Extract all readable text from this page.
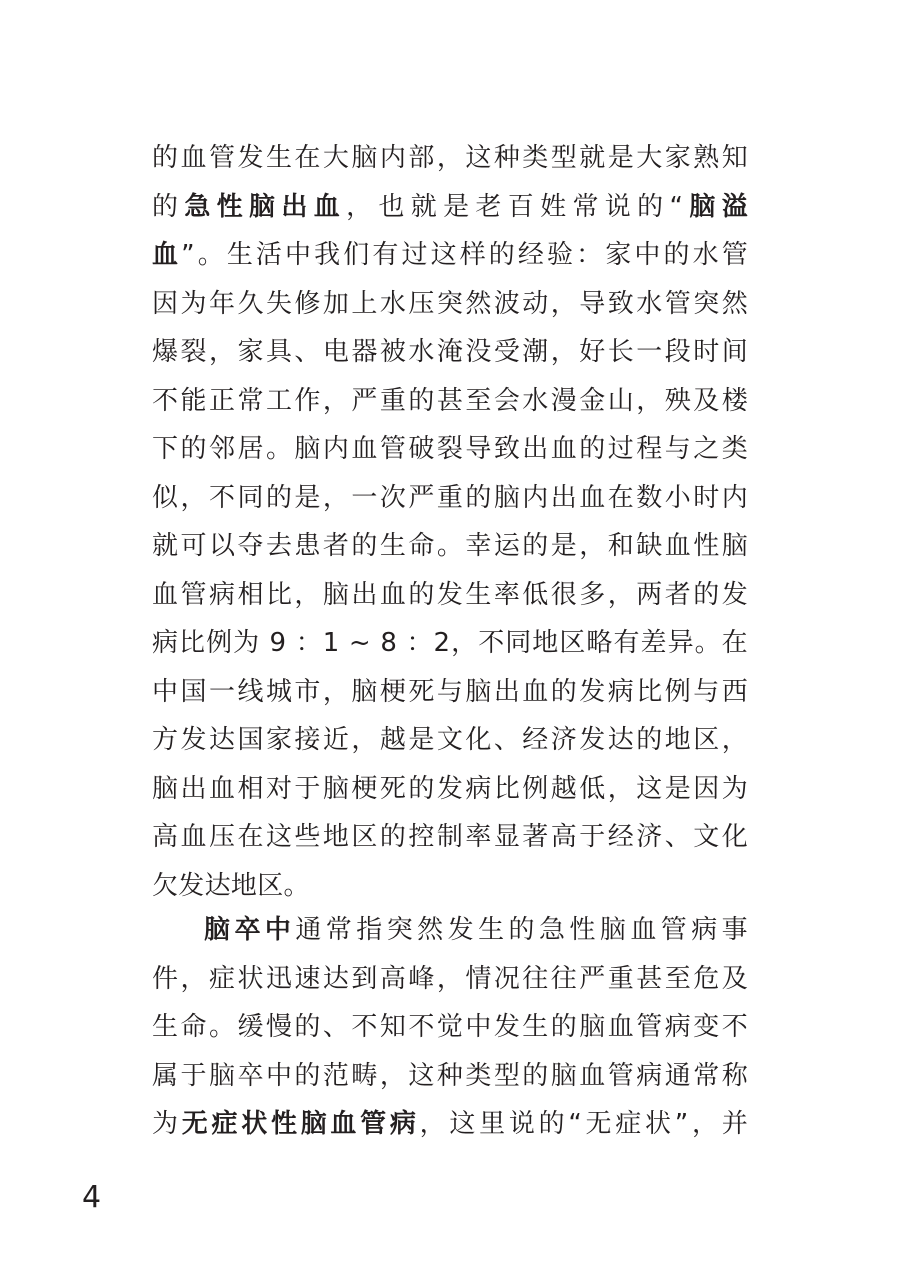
的血管发生在大脑内部，这种类型就是大家熟知
的急性脑出血，也就是老百姓常说的“脑溢
血”。生活中我们有过这样的经验：家中的水管
因为年久失修加上水压突然波动，导致水管突然
爆裂，家具、电器被水淹没受潮，好长一段时间
不能正常工作，严重的甚至会水漫金山，殃及楼
下的邻居。脑内血管破裂导致出血的过程与之类
似，不同的是，一次严重的脑内出血在数小时内
就可以夺去患者的生命。幸运的是，和缺血性脑
血管病相比，脑出血的发生率低很多，两者的发
病比例为 9 ：1 ~ 8 ：2，不同地区略有差异。在
中国一线城市，脑梗死与脑出血的发病比例与西
方发达国家接近，越是文化、经济发达的地区，
脑出血相对于脑梗死的发病比例越低，这是因为
高血压在这些地区的控制率显著高于经济、文化
欠发达地区。
脑卒中通常指突然发生的急性脑血管病事
件，症状迅速达到高峰，情况往往严重甚至危及
生命。缓慢的、不知不觉中发生的脑血管病变不
属于脑卒中的范畴，这种类型的脑血管病通常称
为无症状性脑血管病，这里说的“无症状”，并
4
